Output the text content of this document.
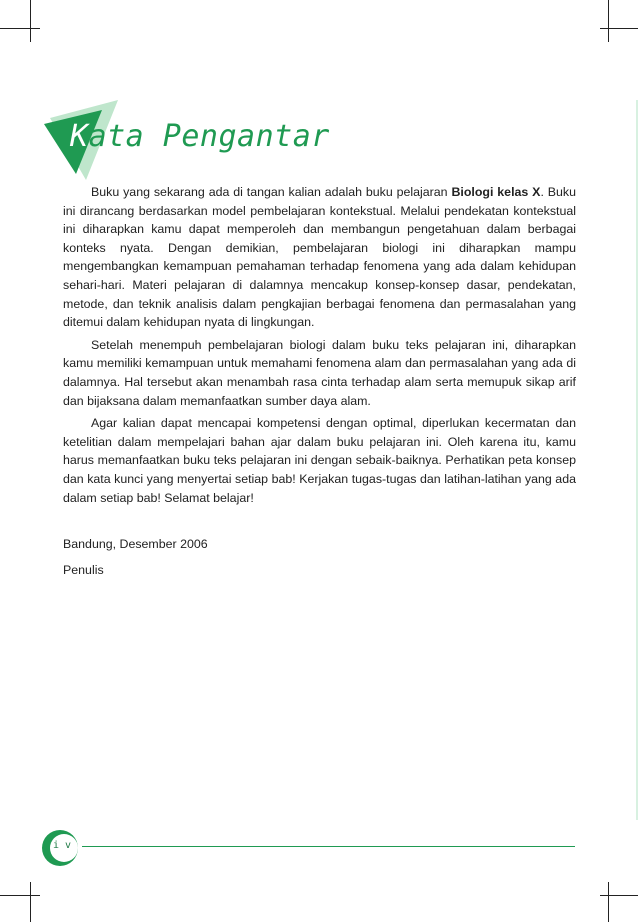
Kata Pengantar

Buku yang sekarang ada di tangan kalian adalah buku pelajaran Biologi kelas X. Buku ini dirancang berdasarkan model pembelajaran kontekstual. Melalui pendekatan kontekstual ini diharapkan kamu dapat memperoleh dan membangun pengetahuan dalam berbagai konteks nyata. Dengan demikian, pembelajaran biologi ini diharapkan mampu mengembangkan kemampuan pemahaman terhadap fenomena yang ada dalam kehidupan sehari-hari. Materi pelajaran di dalamnya mencakup konsep-konsep dasar, pendekatan, metode, dan teknik analisis dalam pengkajian berbagai fenomena dan permasalahan yang ditemui dalam kehidupan nyata di lingkungan.

Setelah menempuh pembelajaran biologi dalam buku teks pelajaran ini, diharapkan kamu memiliki kemampuan untuk memahami fenomena alam dan permasalahan yang ada di dalamnya. Hal tersebut akan menambah rasa cinta terhadap alam serta memupuk sikap arif dan bijaksana dalam memanfaatkan sumber daya alam.

Agar kalian dapat mencapai kompetensi dengan optimal, diperlukan kecermatan dan ketelitian dalam mempelajari bahan ajar dalam buku pelajaran ini. Oleh karena itu, kamu harus memanfaatkan buku teks pelajaran ini dengan sebaik-baiknya. Perhatikan peta konsep dan kata kunci yang menyertai setiap bab! Kerjakan tugas-tugas dan latihan-latihan yang ada dalam setiap bab! Selamat belajar!

Bandung, Desember 2006
Penulis
i v
